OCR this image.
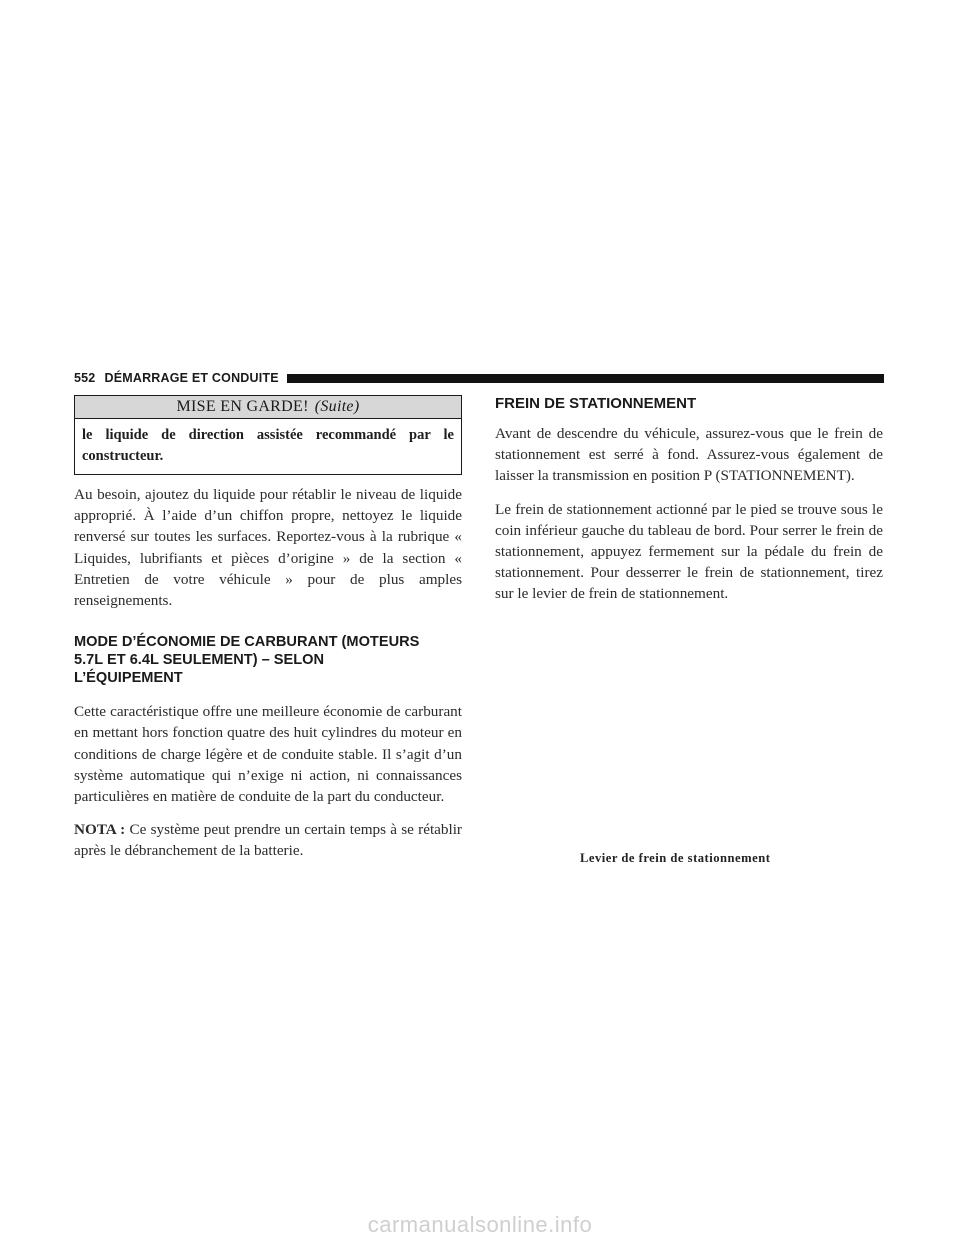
552 DÉMARRAGE ET CONDUITE
MISE EN GARDE! (Suite)
le liquide de direction assistée recommandé par le constructeur.

Au besoin, ajoutez du liquide pour rétablir le niveau de liquide approprié. À l’aide d’un chiffon propre, nettoyez le liquide renversé sur toutes les surfaces. Reportez-vous à la rubrique « Liquides, lubrifiants et pièces d’origine » de la section « Entretien de votre véhicule » pour de plus amples renseignements.

MODE D’ÉCONOMIE DE CARBURANT (MOTEURS

5.7L ET 6.4L SEULEMENT) – SELON

L’ÉQUIPEMENT

Cette caractéristique offre une meilleure économie de carburant en mettant hors fonction quatre des huit cylindres du moteur en conditions de charge légère et de conduite stable. Il s’agit d’un système automatique qui n’exige ni action, ni connaissances particulières en matière de conduite de la part du conducteur.

NOTA : Ce système peut prendre un certain temps à se rétablir après le débranchement de la batterie.

FREIN DE STATIONNEMENT

Avant de descendre du véhicule, assurez-vous que le frein de stationnement est serré à fond. Assurez-vous également de laisser la transmission en position P (STATIONNEMENT).

Le frein de stationnement actionné par le pied se trouve sous le coin inférieur gauche du tableau de bord. Pour serrer le frein de stationnement, appuyez fermement sur la pédale du frein de stationnement. Pour desserrer le frein de stationnement, tirez sur le levier de frein de stationnement.

Levier de frein de stationnement
carmanualsonline.info
